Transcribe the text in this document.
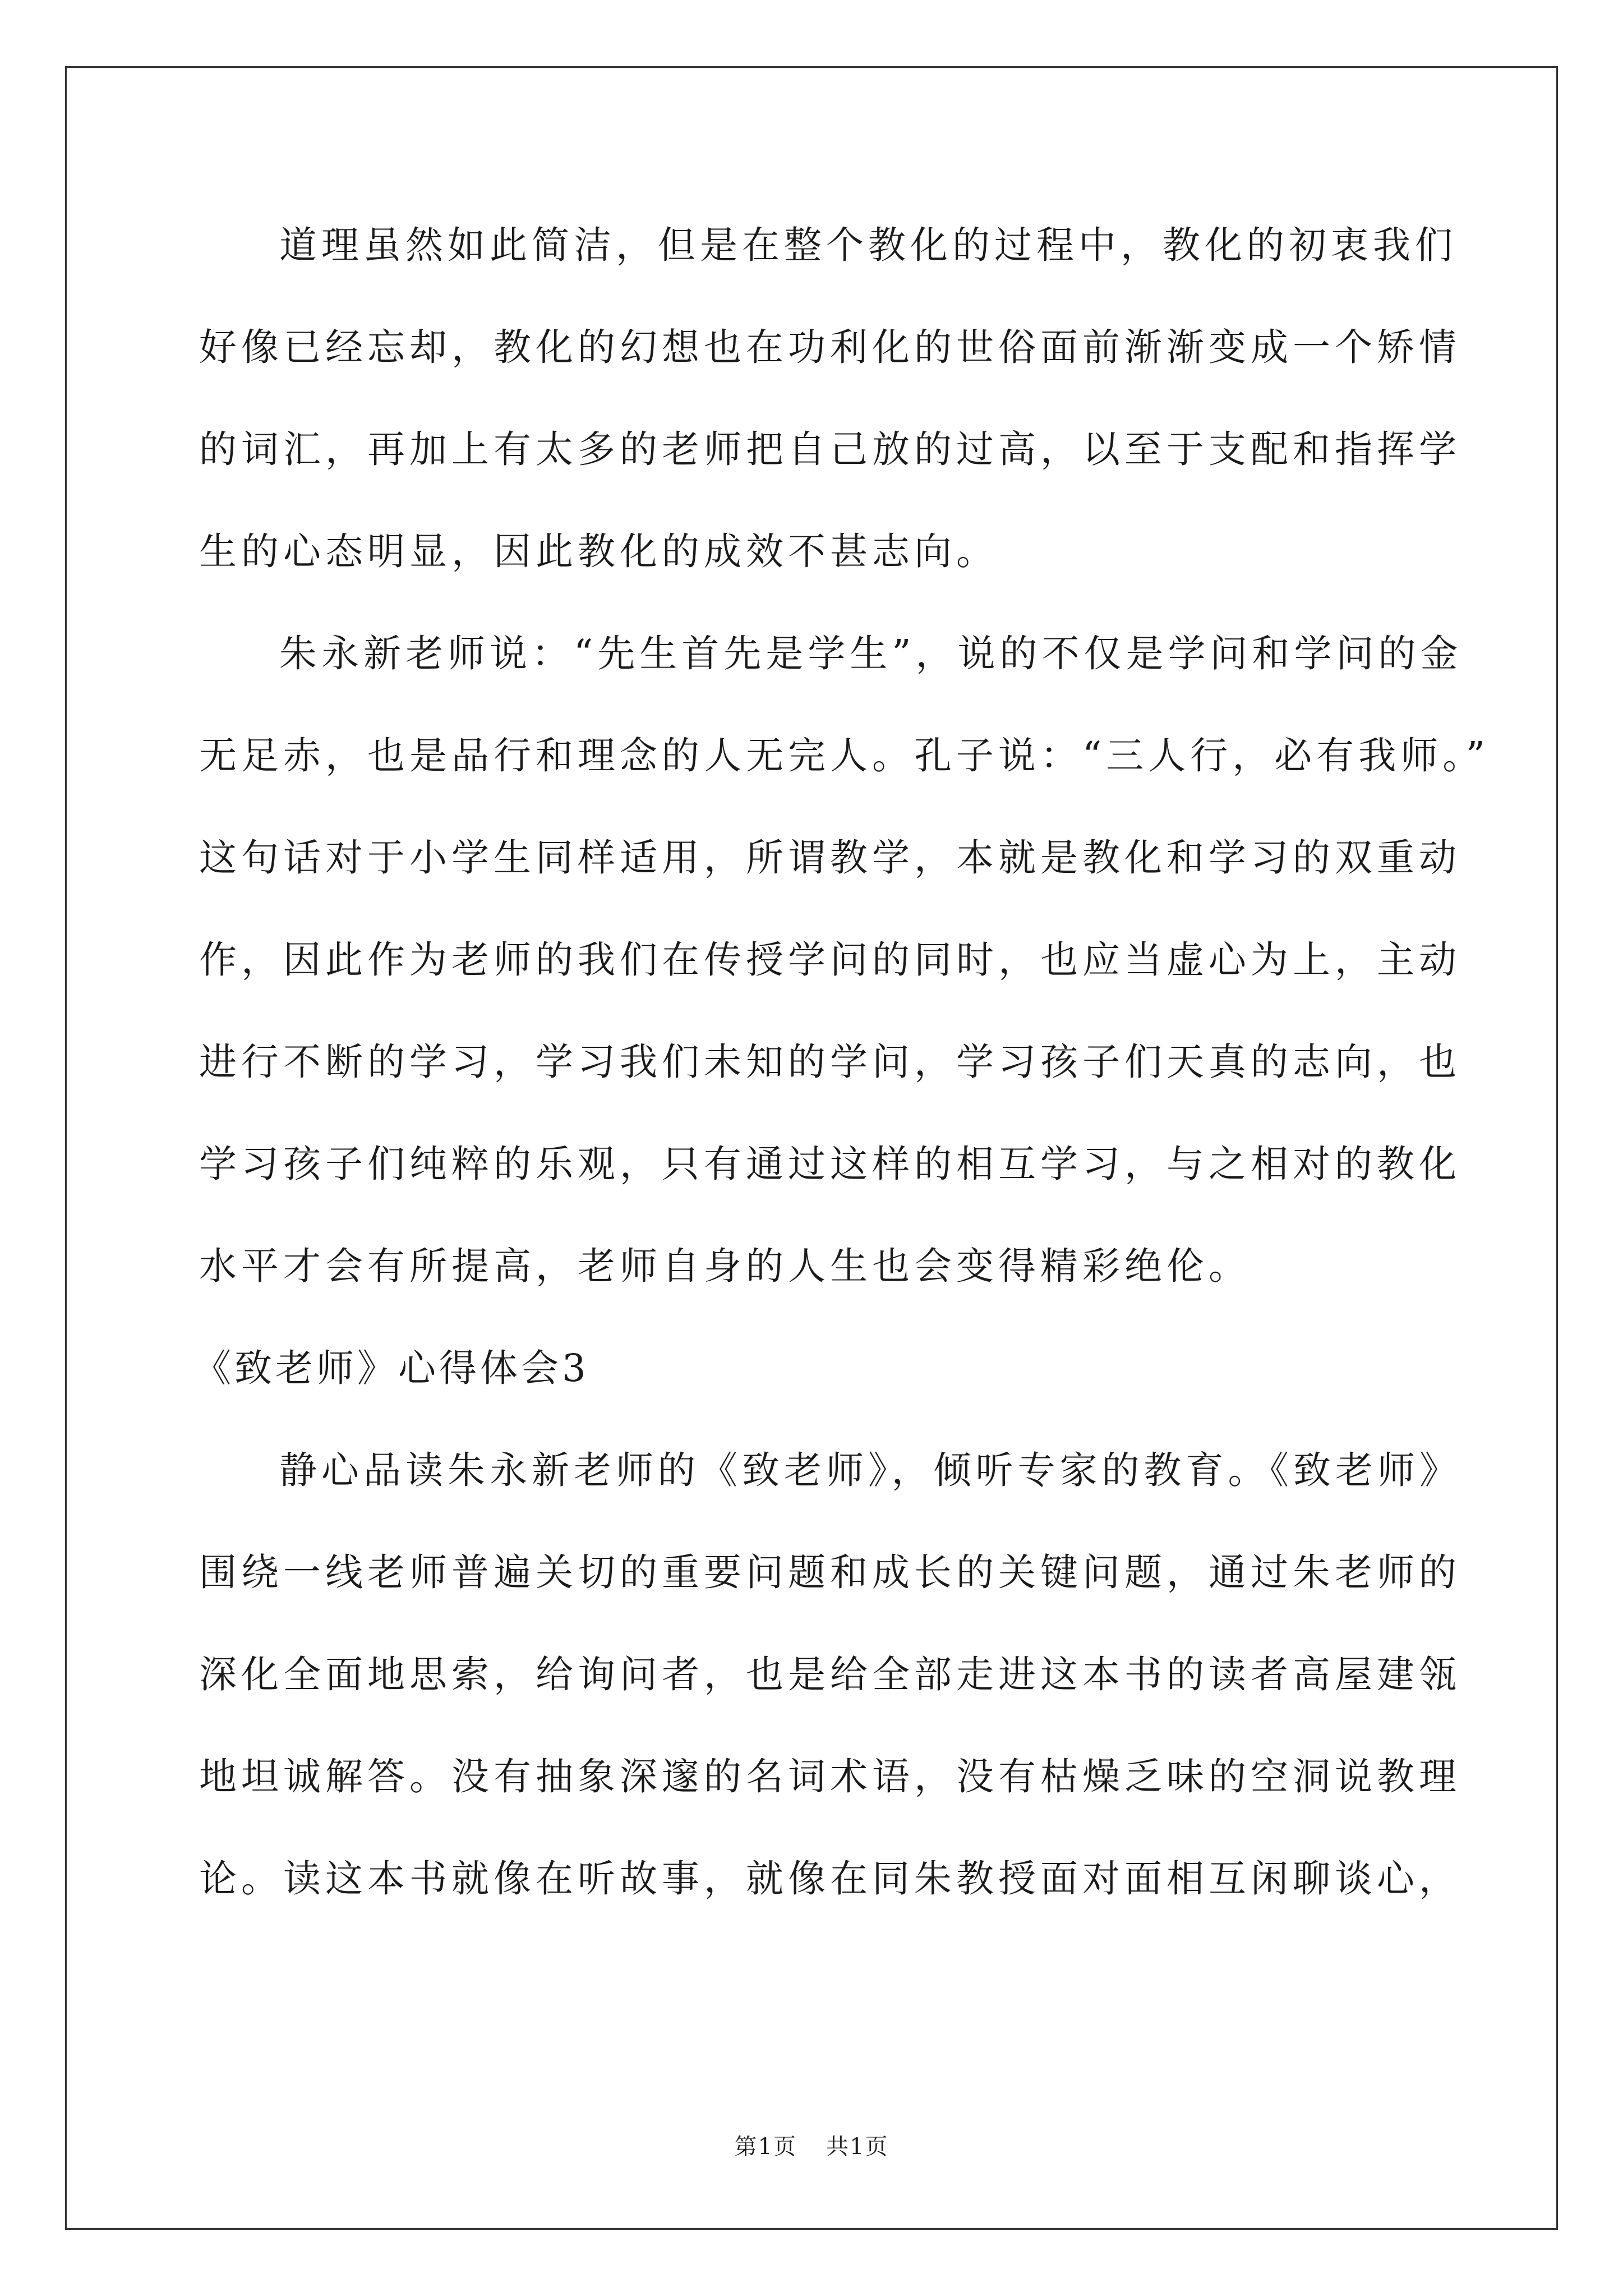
道理虽然如此简洁，但是在整个教化的过程中，教化的初衷我们
好像已经忘却，教化的幻想也在功利化的世俗面前渐渐变成一个矫情
的词汇，再加上有太多的老师把自己放的过高，以至于支配和指挥学
生的心态明显，因此教化的成效不甚志向。
朱永新老师说：“先生首先是学生”，说的不仅是学问和学问的金
无足赤，也是品行和理念的人无完人。孔子说：“三人行，必有我师。”
这句话对于小学生同样适用，所谓教学，本就是教化和学习的双重动
作，因此作为老师的我们在传授学问的同时，也应当虚心为上，主动
进行不断的学习，学习我们未知的学问，学习孩子们天真的志向，也
学习孩子们纯粹的乐观，只有通过这样的相互学习，与之相对的教化
水平才会有所提高，老师自身的人生也会变得精彩绝伦。
《致老师》心得体会3
静心品读朱永新老师的《致老师》，倾听专家的教育。《致老师》
围绕一线老师普遍关切的重要问题和成长的关键问题，通过朱老师的
深化全面地思索，给询问者，也是给全部走进这本书的读者高屋建瓴
地坦诚解答。没有抽象深邃的名词术语，没有枯燥乏味的空洞说教理
论。读这本书就像在听故事，就像在同朱教授面对面相互闲聊谈心，
第1页 共1页
